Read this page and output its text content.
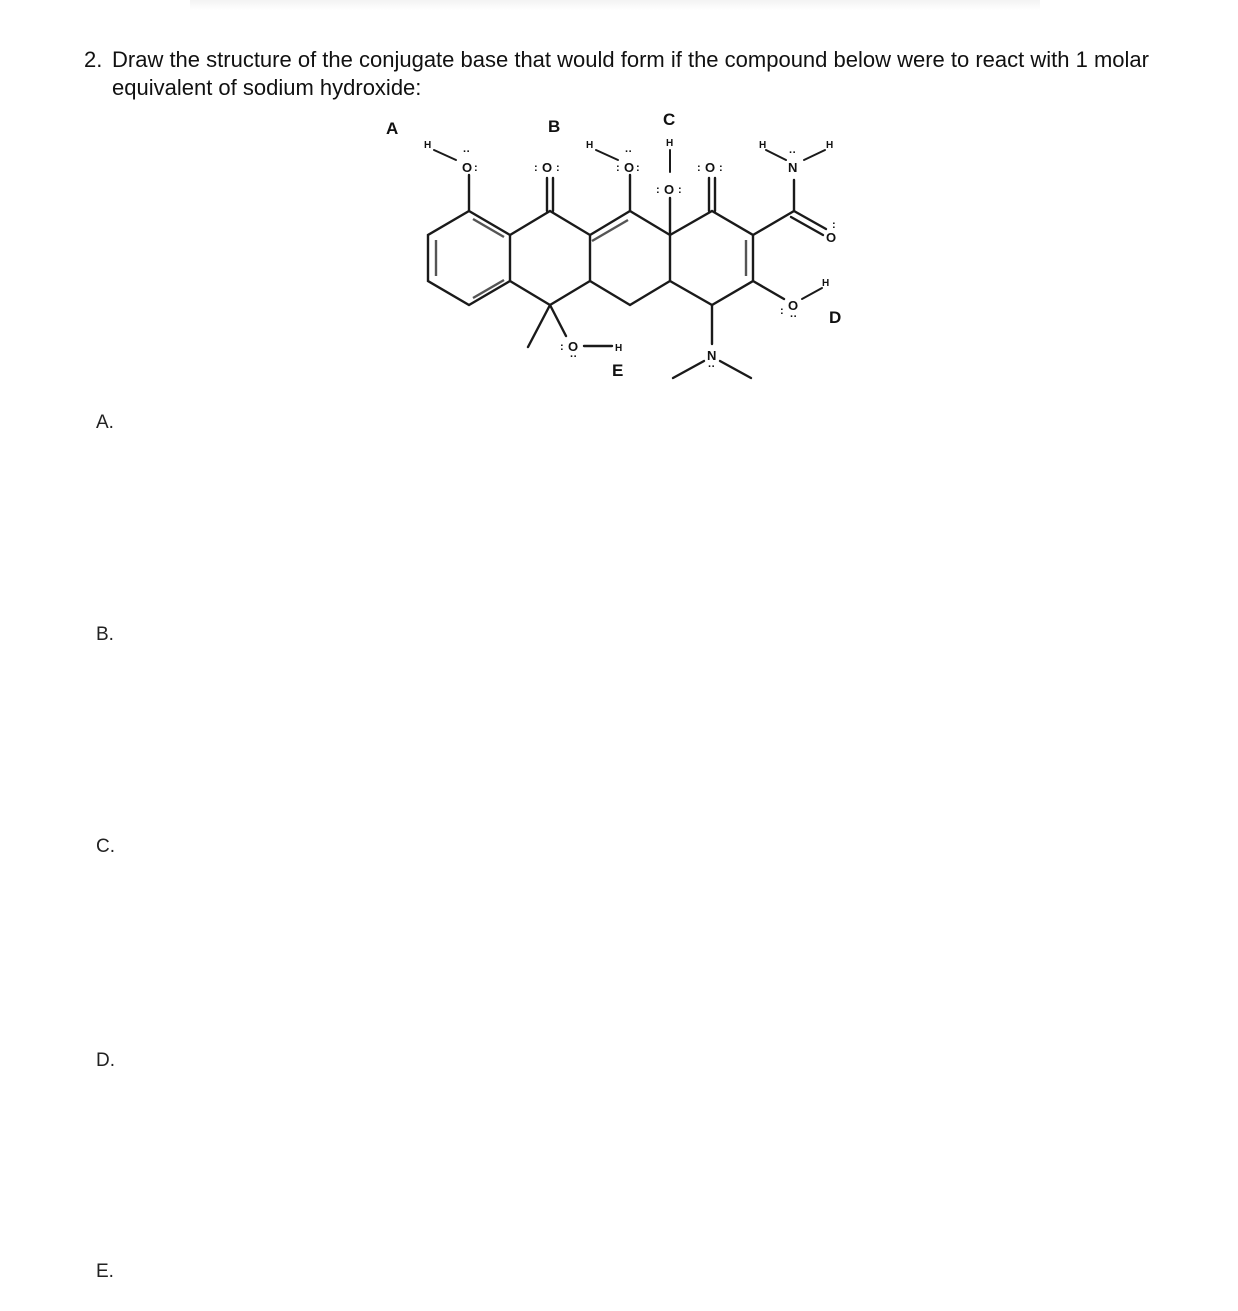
2. Draw the structure of the conjugate base that would form if the compound below were to react with 1 molar equivalent of sodium hydroxide:
A	B	C
D
E
H
O
··
:	O
: :
H
O
··
:
:
H
O
: :
O
: :
H	H
N
··
O
:
H
O
: ··
O
:
··
H	N
··
A.
B.
C.
D.
E.
